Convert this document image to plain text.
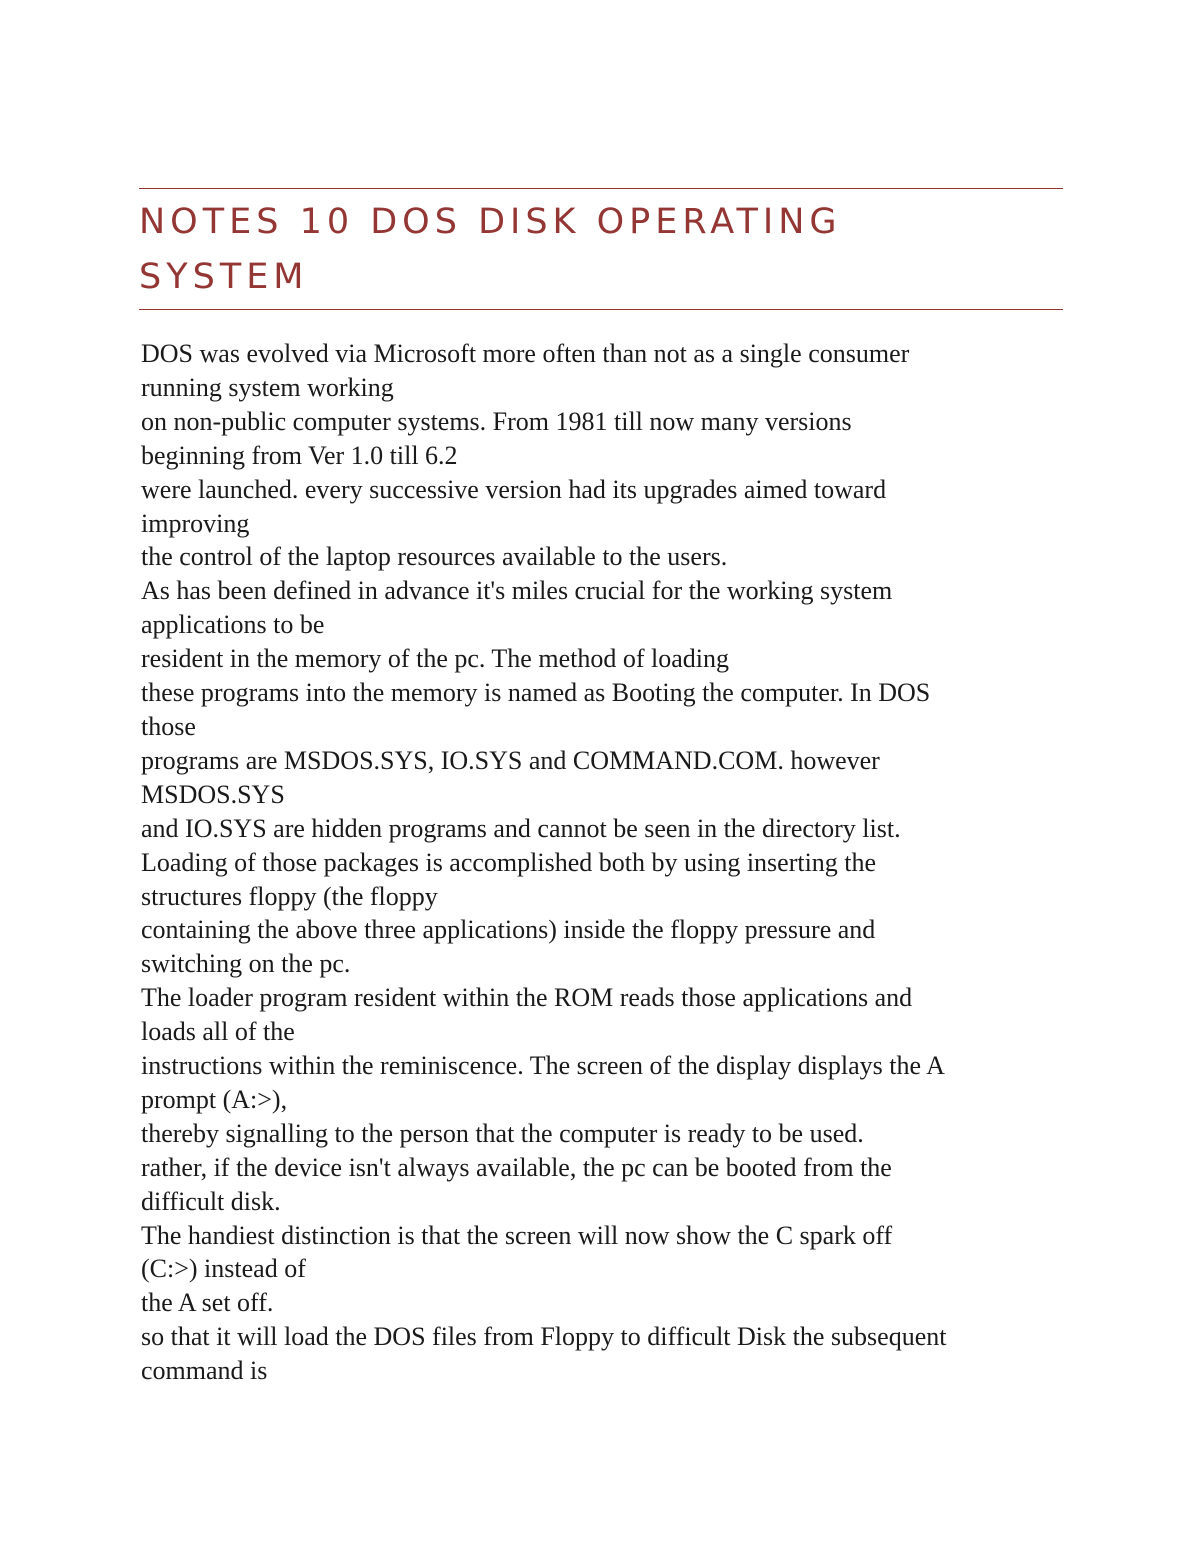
NOTES 10 DOS DISK OPERATING
SYSTEM
DOS was evolved via Microsoft more often than not as a single consumer
running system working
on non-public computer systems. From 1981 till now many versions
beginning from Ver 1.0 till 6.2
were launched. every successive version had its upgrades aimed toward
improving
the control of the laptop resources available to the users.
As has been defined in advance it's miles crucial for the working system
applications to be
resident in the memory of the pc. The method of loading
these programs into the memory is named as Booting the computer. In DOS
those
programs are MSDOS.SYS, IO.SYS and COMMAND.COM. however
MSDOS.SYS
and IO.SYS are hidden programs and cannot be seen in the directory list.
Loading of those packages is accomplished both by using inserting the
structures floppy (the floppy
containing the above three applications) inside the floppy pressure and
switching on the pc.
The loader program resident within the ROM reads those applications and
loads all of the
instructions within the reminiscence. The screen of the display displays the A
prompt (A:>),
thereby signalling to the person that the computer is ready to be used.
rather, if the device isn't always available, the pc can be booted from the
difficult disk.
The handiest distinction is that the screen will now show the C spark off
(C:>) instead of
the A set off.
so that it will load the DOS files from Floppy to difficult Disk the subsequent
command is
